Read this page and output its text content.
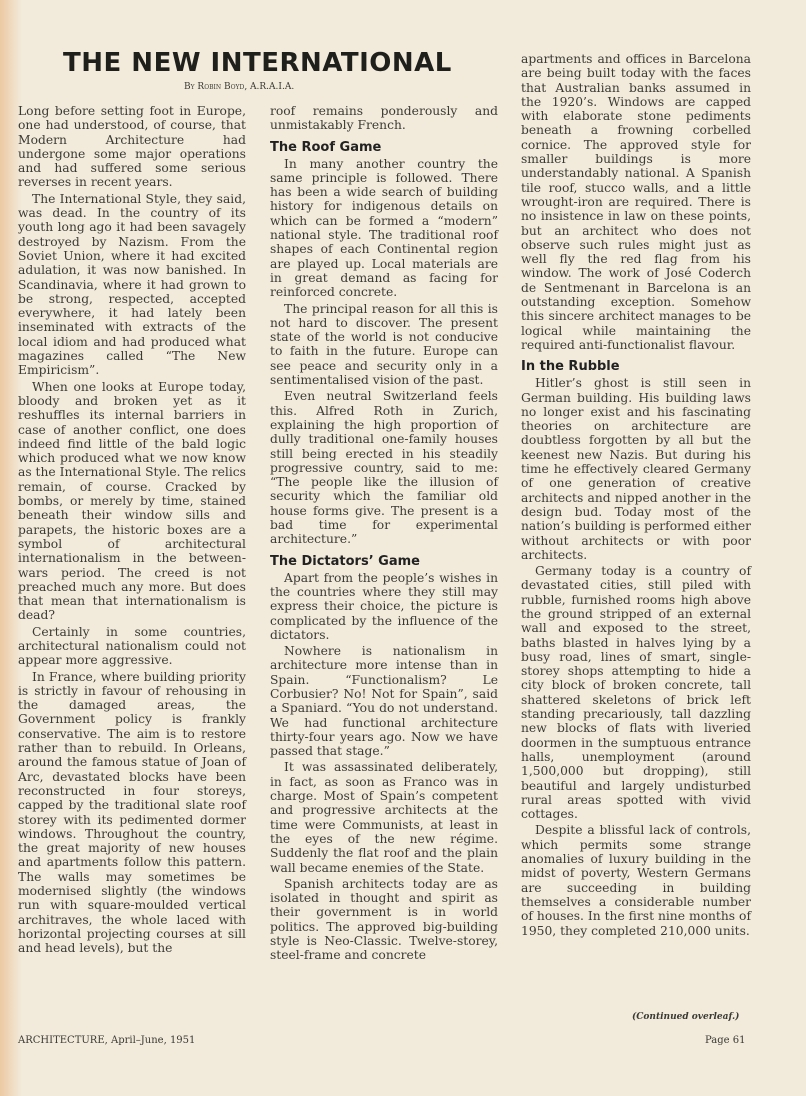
THE NEW INTERNATIONAL
By Robin Boyd, A.R.A.I.A.

Long before setting foot in Europe, one had understood, of course, that Modern Architecture had undergone some major operations and had suffered some serious reverses in recent years.

The International Style, they said, was dead. In the country of its youth long ago it had been savagely destroyed by Nazism. From the Soviet Union, where it had excited adulation, it was now banished. In Scandinavia, where it had grown to be strong, respected, accepted everywhere, it had lately been inseminated with extracts of the local idiom and had produced what magazines called “The New Empiricism”.

When one looks at Europe today, bloody and broken yet as it reshuffles its internal barriers in case of another conflict, one does indeed find little of the bald logic which produced what we now know as the International Style. The relics remain, of course. Cracked by bombs, or merely by time, stained beneath their window sills and parapets, the historic boxes are a symbol of architectural internationalism in the between-wars period. The creed is not preached much any more. But does that mean that internationalism is dead?

Certainly in some countries, architectural nationalism could not appear more aggressive.

In France, where building priority is strictly in favour of rehousing in the damaged areas, the Government policy is frankly conservative. The aim is to restore rather than to rebuild. In Orleans, around the famous statue of Joan of Arc, devastated blocks have been reconstructed in four storeys, capped by the traditional slate roof storey with its pedimented dormer windows. Throughout the country, the great majority of new houses and apartments follow this pattern. The walls may sometimes be modernised slightly (the windows run with square-moulded vertical architraves, the whole laced with horizontal projecting courses at sill and head levels), but the

roof remains ponderously and unmistakably French.

The Roof Game

In many another country the same principle is followed. There has been a wide search of building history for indigenous details on which can be formed a “modern” national style. The traditional roof shapes of each Continental region are played up. Local materials are in great demand as facing for reinforced concrete.

The principal reason for all this is not hard to discover. The present state of the world is not conducive to faith in the future. Europe can see peace and security only in a sentimentalised vision of the past.

Even neutral Switzerland feels this. Alfred Roth in Zurich, explaining the high proportion of dully traditional one-family houses still being erected in his steadily progressive country, said to me: “The people like the illusion of security which the familiar old house forms give. The present is a bad time for experimental architecture.”

The Dictators’ Game

Apart from the people’s wishes in the countries where they still may express their choice, the picture is complicated by the influence of the dictators.

Nowhere is nationalism in architecture more intense than in Spain. “Functionalism? Le Corbusier? No! Not for Spain”, said a Spaniard. “You do not understand. We had functional architecture thirty-four years ago. Now we have passed that stage.”

It was assassinated deliberately, in fact, as soon as Franco was in charge. Most of Spain’s competent and progressive architects at the time were Communists, at least in the eyes of the new régime. Suddenly the flat roof and the plain wall became enemies of the State.

Spanish architects today are as isolated in thought and spirit as their government is in world politics. The approved big-building style is Neo-Classic. Twelve-storey, steel-frame and concrete

apartments and offices in Barcelona are being built today with the faces that Australian banks assumed in the 1920’s. Windows are capped with elaborate stone pediments beneath a frowning corbelled cornice. The approved style for smaller buildings is more understandably national. A Spanish tile roof, stucco walls, and a little wrought-iron are required. There is no insistence in law on these points, but an architect who does not observe such rules might just as well fly the red flag from his window. The work of José Coderch de Sentmenant in Barcelona is an outstanding exception. Somehow this sincere architect manages to be logical while maintaining the required anti-functionalist flavour.

In the Rubble

Hitler’s ghost is still seen in German building. His building laws no longer exist and his fascinating theories on architecture are doubtless forgotten by all but the keenest new Nazis. But during his time he effectively cleared Germany of one generation of creative architects and nipped another in the design bud. Today most of the nation’s building is performed either without architects or with poor architects.

Germany today is a country of devastated cities, still piled with rubble, furnished rooms high above the ground stripped of an external wall and exposed to the street, baths blasted in halves lying by a busy road, lines of smart, single-storey shops attempting to hide a city block of broken concrete, tall shattered skeletons of brick left standing precariously, tall dazzling new blocks of flats with liveried doormen in the sumptuous entrance halls, unemployment (around 1,500,000 but dropping), still beautiful and largely undisturbed rural areas spotted with vivid cottages.

Despite a blissful lack of controls, which permits some strange anomalies of luxury building in the midst of poverty, Western Germans are succeeding in building themselves a considerable number of houses. In the first nine months of 1950, they completed 210,000 units.

(Continued overleaf.)
ARCHITECTURE, April–June, 1951	Page 61
